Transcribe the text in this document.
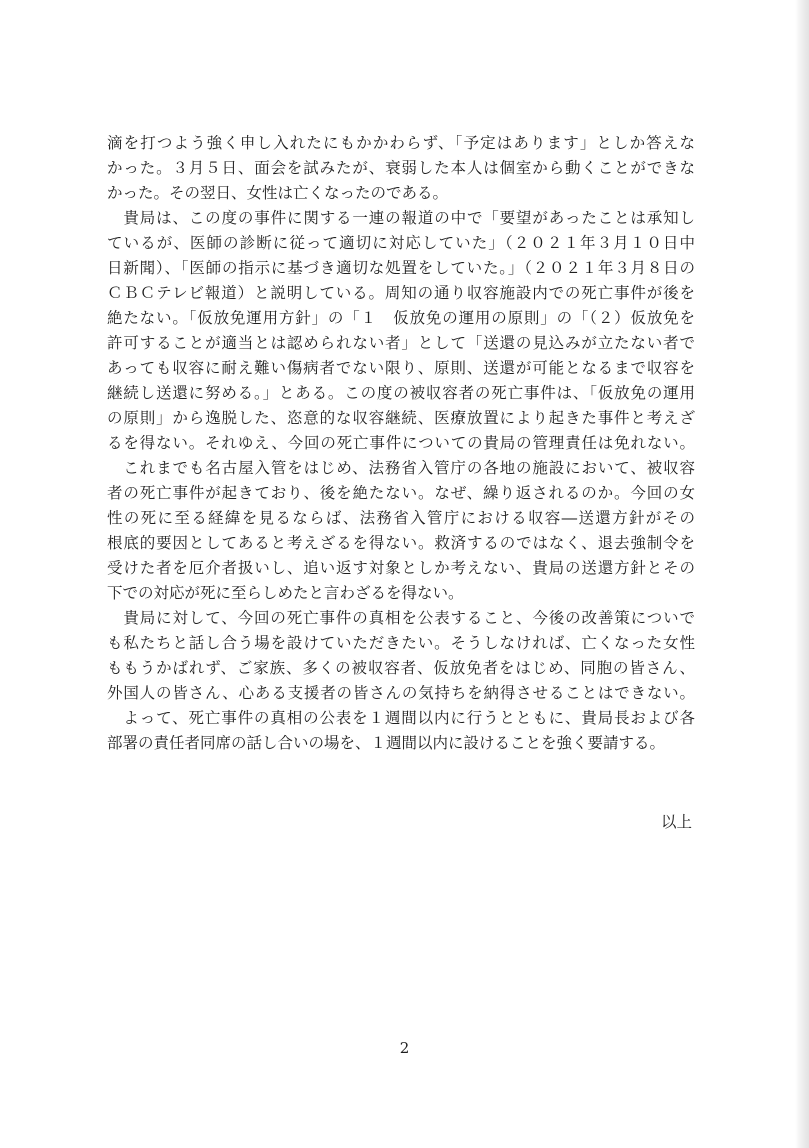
滴を打つよう強く申し入れたにもかかわらず、「予定はあります」としか答えな
かった。３月５日、面会を試みたが、衰弱した本人は個室から動くことができな
かった。その翌日、女性は亡くなったのである。
　貴局は、この度の事件に関する一連の報道の中で「要望があったことは承知し
ているが、医師の診断に従って適切に対応していた」（２０２１年３月１０日中
日新聞）、「医師の指示に基づき適切な処置をしていた。」（２０２１年３月８日の
ＣＢＣテレビ報道）と説明している。周知の通り収容施設内での死亡事件が後を
絶たない。「仮放免運用方針」の「１　仮放免の運用の原則」の「（２）仮放免を
許可することが適当とは認められない者」として「送還の見込みが立たない者で
あっても収容に耐え難い傷病者でない限り、原則、送還が可能となるまで収容を
継続し送還に努める。」とある。この度の被収容者の死亡事件は、「仮放免の運用
の原則」から逸脱した、恣意的な収容継続、医療放置により起きた事件と考えざ
るを得ない。それゆえ、今回の死亡事件についての貴局の管理責任は免れない。
　これまでも名古屋入管をはじめ、法務省入管庁の各地の施設において、被収容
者の死亡事件が起きており、後を絶たない。なぜ、繰り返されるのか。今回の女
性の死に至る経緯を見るならば、法務省入管庁における収容―送還方針がその
根底的要因としてあると考えざるを得ない。救済するのではなく、退去強制令を
受けた者を厄介者扱いし、追い返す対象としか考えない、貴局の送還方針とその
下での対応が死に至らしめたと言わざるを得ない。
　貴局に対して、今回の死亡事件の真相を公表すること、今後の改善策についで
も私たちと話し合う場を設けていただきたい。そうしなければ、亡くなった女性
ももうかばれず、ご家族、多くの被収容者、仮放免者をはじめ、同胞の皆さん、
外国人の皆さん、心ある支援者の皆さんの気持ちを納得させることはできない。
　よって、死亡事件の真相の公表を１週間以内に行うとともに、貴局長および各
部署の責任者同席の話し合いの場を、１週間以内に設けることを強く要請する。
以上
2
